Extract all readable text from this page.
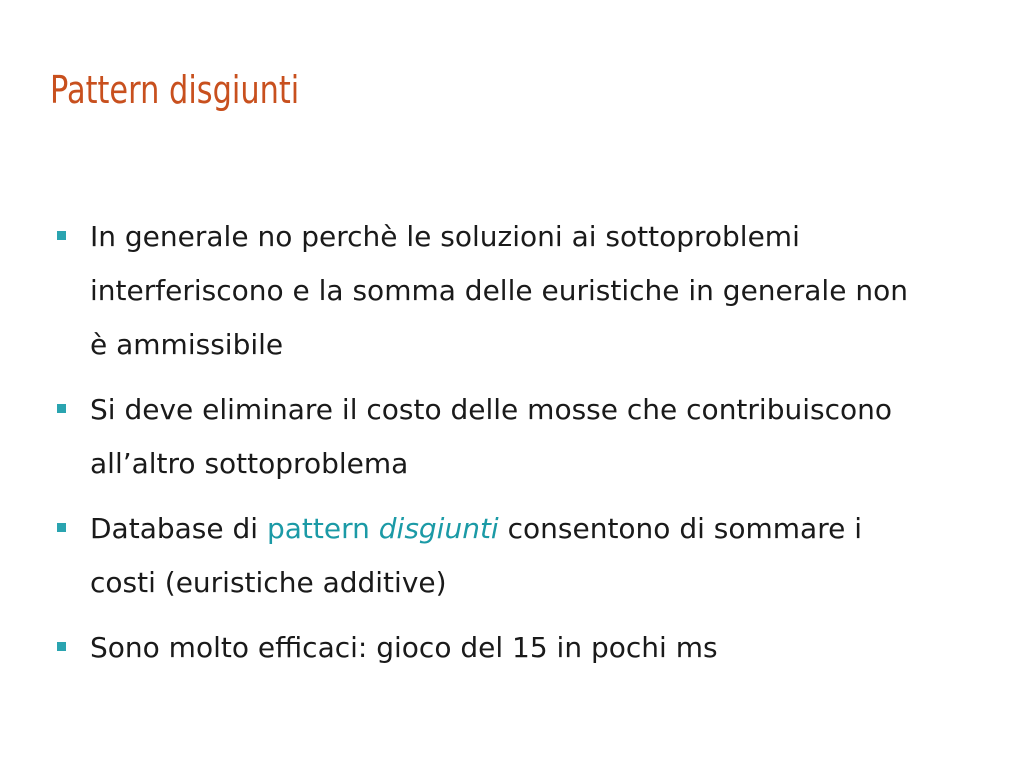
Pattern disgiunti
In generale no perchè le soluzioni ai sottoproblemi interferiscono e la somma delle euristiche in generale non è ammissibile
Si deve eliminare il costo delle mosse che contribuiscono all’altro sottoproblema
Database di pattern disgiunti consentono di sommare i costi (euristiche additive)
Sono molto efficaci: gioco del 15 in pochi ms
